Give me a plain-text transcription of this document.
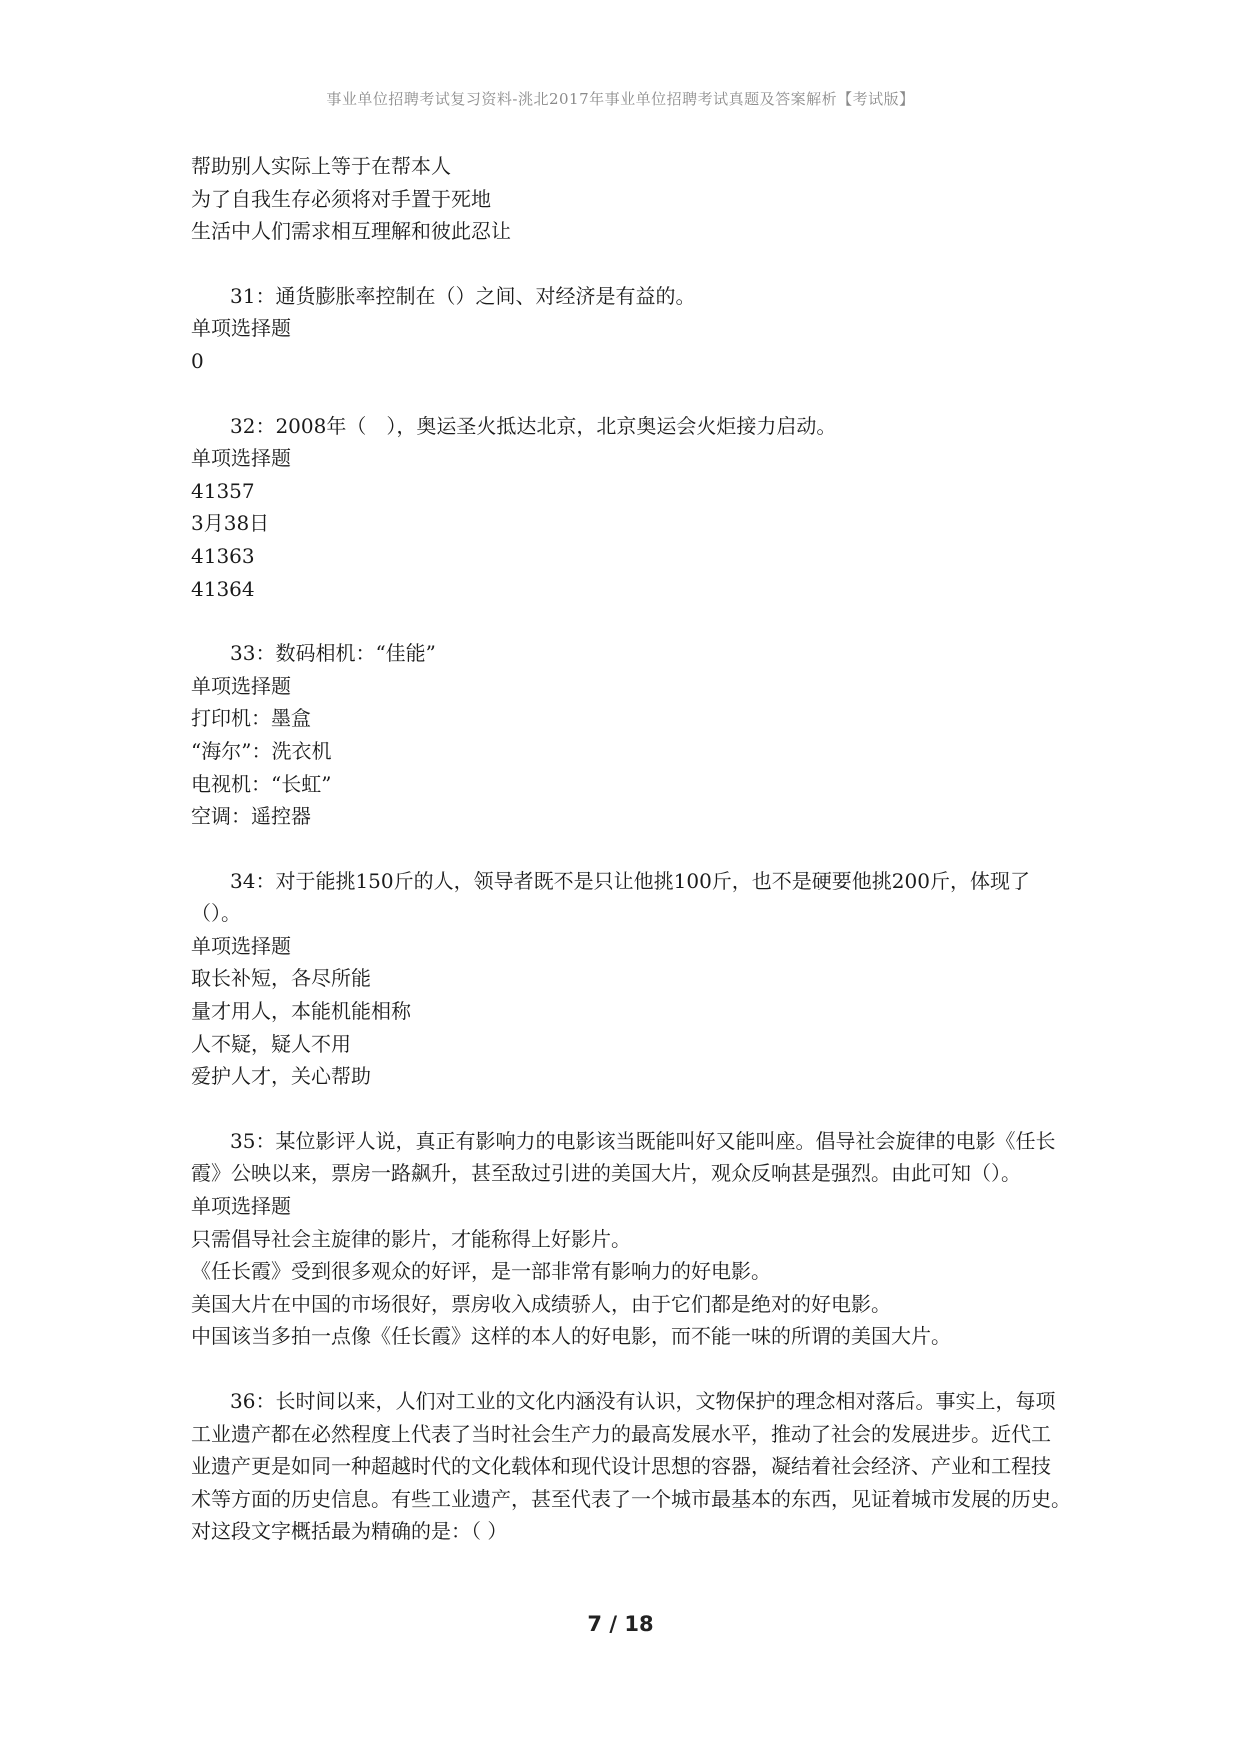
事业单位招聘考试复习资料-洮北2017年事业单位招聘考试真题及答案解析【考试版】
帮助别人实际上等于在帮本人
为了自我生存必须将对手置于死地
生活中人们需求相互理解和彼此忍让
31：通货膨胀率控制在（）之间、对经济是有益的。
单项选择题
0
32：2008年（　），奥运圣火抵达北京，北京奥运会火炬接力启动。
单项选择题
41357
3月38日
41363
41364
33：数码相机：“佳能”
单项选择题
打印机：墨盒
“海尔”：洗衣机
电视机：“长虹”
空调：遥控器
34：对于能挑150斤的人，领导者既不是只让他挑100斤，也不是硬要他挑200斤，体现了（）。
单项选择题
取长补短，各尽所能
量才用人，本能机能相称
人不疑，疑人不用
爱护人才，关心帮助
35：某位影评人说，真正有影响力的电影该当既能叫好又能叫座。倡导社会旋律的电影《任长霞》公映以来，票房一路飙升，甚至敌过引进的美国大片，观众反响甚是强烈。由此可知（）。
单项选择题
只需倡导社会主旋律的影片，才能称得上好影片。
《任长霞》受到很多观众的好评，是一部非常有影响力的好电影。
美国大片在中国的市场很好，票房收入成绩骄人，由于它们都是绝对的好电影。
中国该当多拍一点像《任长霞》这样的本人的好电影，而不能一味的所谓的美国大片。
36：长时间以来，人们对工业的文化内涵没有认识，文物保护的理念相对落后。事实上，每项工业遗产都在必然程度上代表了当时社会生产力的最高发展水平，推动了社会的发展进步。近代工业遗产更是如同一种超越时代的文化载体和现代设计思想的容器，凝结着社会经济、产业和工程技术等方面的历史信息。有些工业遗产，甚至代表了一个城市最基本的东西，见证着城市发展的历史。　　对这段文字概括最为精确的是：（ ）
7 / 18
